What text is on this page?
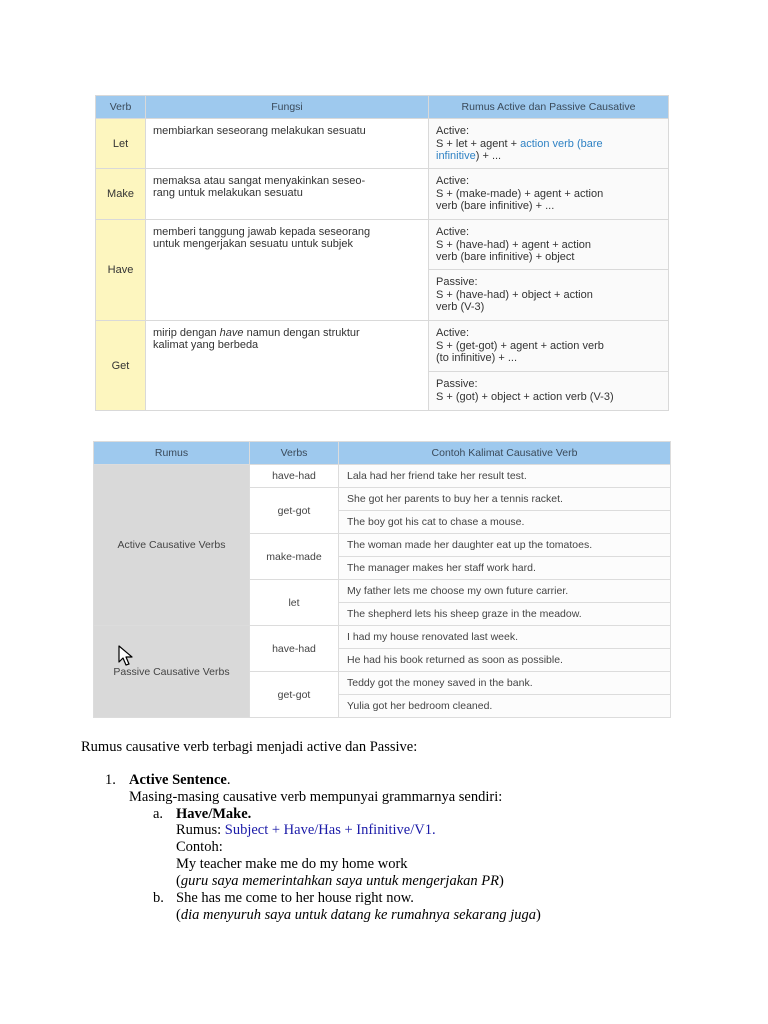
Verb	Fungsi	Rumus Active dan Passive Causative
Let	membiarkan seseorang melakukan sesuatu	Active:
S + let + agent + action verb (bare
infinitive) + ...
Make	memaksa atau sangat menyakinkan seseo-
rang untuk melakukan sesuatu	Active:
S + (make-made) + agent + action
verb (bare infinitive) + ...

Have	memberi tanggung jawab kepada seseorang
untuk mengerjakan sesuatu untuk subjek	Active:
S + (have-had) + agent + action
verb (bare infinitive) + object

		Passive:
S + (have-had) + object + action
verb (V-3)

Get	mirip dengan have namun dengan struktur
kalimat yang berbeda	Active:
S + (get-got) + agent + action verb
(to infinitive) + ...

		Passive:
S + (got) + object + action verb (V-3)
Rumus	Verbs	Contoh Kalimat Causative Verb
Active Causative Verbs	have-had	Lala had her friend take her result test.
	get-got	She got her parents to buy her a tennis racket.
		The boy got his cat to chase a mouse.
	make-made	The woman made her daughter eat up the tomatoes.
		The manager makes her staff work hard.
	let	My father lets me choose my own future carrier.
		The shepherd lets his sheep graze in the meadow.
Passive Causative Verbs	have-had	I had my house renovated last week.
		He had his book returned as soon as possible.
	get-got	Teddy got the money saved in the bank.
		Yulia got her bedroom cleaned.
Rumus causative verb terbagi menjadi active dan Passive:
1. Active Sentence.
Masing-masing causative verb mempunyai grammarnya sendiri:
a. Have/Make.
Rumus: Subject + Have/Has + Infinitive/V1.
Contoh:
My teacher make me do my home work
(guru saya memerintahkan saya untuk mengerjakan PR)
b. She has me come to her house right now.
(dia menyuruh saya untuk datang ke rumahnya sekarang juga)
